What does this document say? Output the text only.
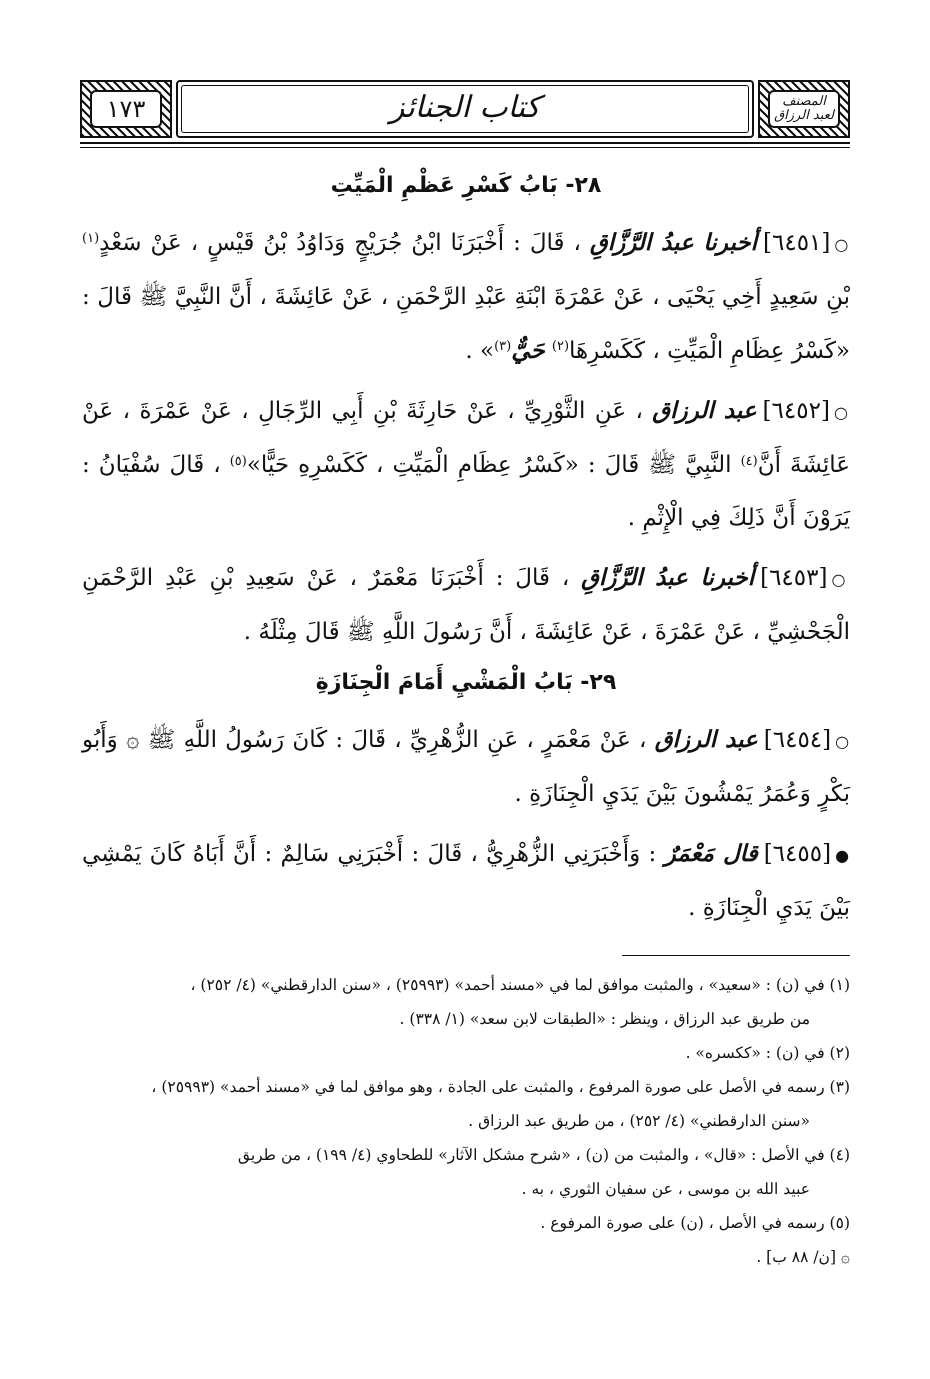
١٧٣	كتاب الجنائز	المصنف لعبد الرزاق
٢٨- بَابُ كَسْرِ عَظْمِ الْمَيِّتِ

○[٦٤٥١]أخبرنا عبدُ الرَّزَّاقِ ، قَالَ : أَخْبَرَنَا ابْنُ جُرَيْجٍ وَدَاوُدُ بْنُ قَيْسٍ ، عَنْ سَعْدٍ$^{(١)}$ بْنِ سَعِيدٍ أَخِي يَحْيَى ، عَنْ عَمْرَةَ ابْنَةِ عَبْدِ الرَّحْمَنِ ، عَنْ عَائِشَةَ ، أَنَّ النَّبِيَّ ﷺ قَالَ : «كَسْرُ عِظَامِ الْمَيِّتِ ، كَكَسْرِهَا$^{(٢)}$ حَيٌّ$^{(٣)}$» .

○[٦٤٥٢]عبد الرزاق ، عَنِ الثَّوْرِيِّ ، عَنْ حَارِثَةَ بْنِ أَبِي الرِّجَالِ ، عَنْ عَمْرَةَ ، عَنْ عَائِشَةَ أَنَّ$^{(٤)}$ النَّبِيَّ ﷺ قَالَ : «كَسْرُ عِظَامِ الْمَيِّتِ ، كَكَسْرِهِ حَيًّا»$^{(٥)}$ ، قَالَ سُفْيَانُ : يَرَوْنَ أَنَّ ذَلِكَ فِي الْإِثْمِ .

○[٦٤٥٣]أخبرنا عبدُ الرَّزَّاقِ ، قَالَ : أَخْبَرَنَا مَعْمَرٌ ، عَنْ سَعِيدِ بْنِ عَبْدِ الرَّحْمَنِ الْجَحْشِيِّ ، عَنْ عَمْرَةَ ، عَنْ عَائِشَةَ ، أَنَّ رَسُولَ اللَّهِ ﷺ قَالَ مِثْلَهُ .

٢٩- بَابُ الْمَشْيِ أَمَامَ الْجِنَازَةِ

○[٦٤٥٤]عبد الرزاق ، عَنْ مَعْمَرٍ ، عَنِ الزُّهْرِيِّ ، قَالَ : كَانَ رَسُولُ اللَّهِ ﷺ ۞ وَأَبُو بَكْرٍ وَعُمَرُ يَمْشُونَ بَيْنَ يَدَيِ الْجِنَازَةِ .

●[٦٤٥٥]قال مَعْمَرٌ : وَأَخْبَرَنِي الزُّهْرِيُّ ، قَالَ : أَخْبَرَنِي سَالِمٌ : أَنَّ أَبَاهُ كَانَ يَمْشِي بَيْنَ يَدَيِ الْجِنَازَةِ .

(١) في (ن) : «سعيد» ، والمثبت موافق لما في «مسند أحمد» (٢٥٩٩٣) ، «سنن الدارقطني» (٤/ ٢٥٢) ،
من طريق عبد الرزاق ، وينظر : «الطبقات لابن سعد» (١/ ٣٣٨) .

(٢) في (ن) : «ككسره» .

(٣) رسمه في الأصل على صورة المرفوع ، والمثبت على الجادة ، وهو موافق لما في «مسند أحمد» (٢٥٩٩٣) ،
«سنن الدارقطني» (٤/ ٢٥٢) ، من طريق عبد الرزاق .

(٤) في الأصل : «قال» ، والمثبت من (ن) ، «شرح مشكل الآثار» للطحاوي (٤/ ١٩٩) ، من طريق
عبيد الله بن موسى ، عن سفيان الثوري ، به .

(٥) رسمه في الأصل ، (ن) على صورة المرفوع .

۞ [ن/ ٨٨ ب] .
